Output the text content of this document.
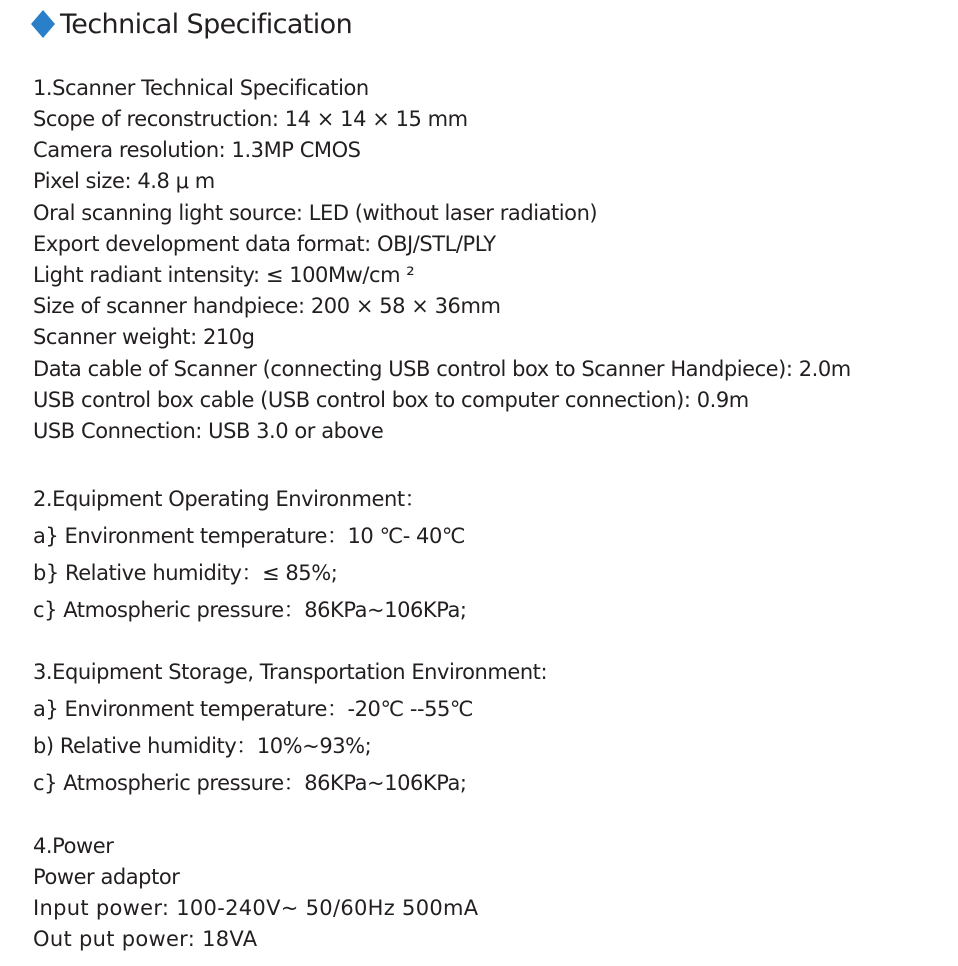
Technical Specification
1.Scanner Technical Specification
Scope of reconstruction: 14 × 14 × 15 mm
Camera resolution: 1.3MP CMOS
Pixel size: 4.8 μ m
Oral scanning light source: LED (without laser radiation)
Export development data format: OBJ/STL/PLY
Light radiant intensity: ≤ 100Mw/cm ²
Size of scanner handpiece: 200 × 58 × 36mm
Scanner weight: 210g
Data cable of Scanner (connecting USB control box to Scanner Handpiece): 2.0m
USB control box cable (USB control box to computer connection): 0.9m
USB Connection: USB 3.0 or above
2.Equipment Operating Environment：
a} Environment temperature：10 ℃- 40℃
b} Relative humidity：≤ 85%;
c} Atmospheric pressure：86KPa~106KPa;
3.Equipment Storage, Transportation Environment:
a} Environment temperature：-20℃ --55℃
b) Relative humidity：10%~93%;
c} Atmospheric pressure：86KPa~106KPa;
4.Power
Power adaptor
Input power: 100-240V~ 50/60Hz 500mA
Out put power: 18VA
